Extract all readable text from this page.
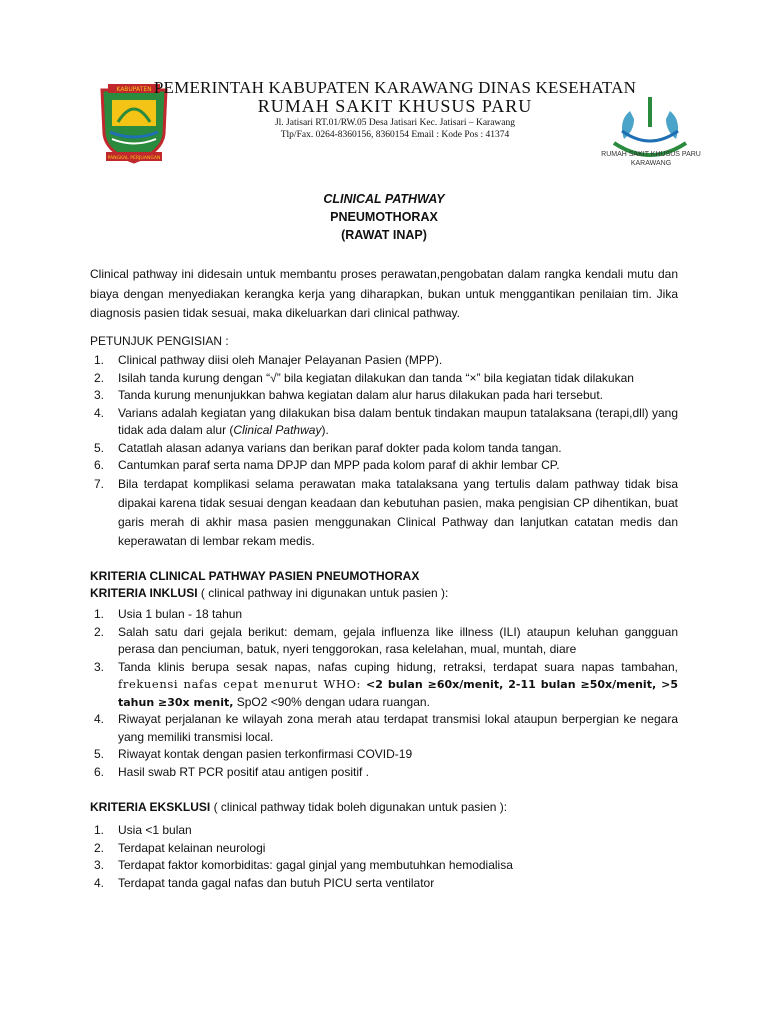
KABUPATEN
PANGKAL PERJUANGAN
RUMAH SAKIT KHUSUS PARU
KARAWANG
PEMERINTAH KABUPATEN KARAWANG DINAS KESEHATAN
RUMAH SAKIT KHUSUS PARU
Jl. Jatisari RT.01/RW.05 Desa Jatisari Kec. Jatisari – Karawang
Tlp/Fax. 0264-8360156, 8360154 Email : Kode Pos : 41374
CLINICAL PATHWAY
PNEUMOTHORAX
(RAWAT INAP)
Clinical pathway ini didesain untuk membantu proses perawatan,pengobatan dalam rangka kendali mutu dan biaya dengan menyediakan kerangka kerja yang diharapkan, bukan untuk menggantikan penilaian tim. Jika diagnosis pasien tidak sesuai, maka dikeluarkan dari clinical pathway.
PETUNJUK PENGISIAN :
1. Clinical pathway diisi oleh Manajer Pelayanan Pasien (MPP).
2. Isilah tanda kurung dengan “√” bila kegiatan dilakukan dan tanda “×” bila kegiatan tidak dilakukan
3. Tanda kurung menunjukkan bahwa kegiatan dalam alur harus dilakukan pada hari tersebut.
4. Varians adalah kegiatan yang dilakukan bisa dalam bentuk tindakan maupun tatalaksana (terapi,dll) yang tidak ada dalam alur (Clinical Pathway).
5. Catatlah alasan adanya varians dan berikan paraf dokter pada kolom tanda tangan.
6. Cantumkan paraf serta nama DPJP dan MPP pada kolom paraf di akhir lembar CP.
7. Bila terdapat komplikasi selama perawatan maka tatalaksana yang tertulis dalam pathway tidak bisa dipakai karena tidak sesuai dengan keadaan dan kebutuhan pasien, maka pengisian CP dihentikan, buat garis merah di akhir masa pasien menggunakan Clinical Pathway dan lanjutkan catatan medis dan keperawatan di lembar rekam medis.
KRITERIA CLINICAL PATHWAY PASIEN PNEUMOTHORAX
KRITERIA INKLUSI ( clinical pathway ini digunakan untuk pasien ):
1. Usia 1 bulan - 18 tahun
2. Salah satu dari gejala berikut: demam, gejala influenza like illness (ILI) ataupun keluhan gangguan perasa dan penciuman, batuk, nyeri tenggorokan, rasa kelelahan, mual, muntah, diare
3. Tanda klinis berupa sesak napas, nafas cuping hidung, retraksi, terdapat suara napas tambahan, frekuensi nafas cepat menurut WHO: <2 bulan ≥60x/menit, 2-11 bulan ≥50x/menit, >5 tahun ≥30x menit, SpO2 <90% dengan udara ruangan.
4. Riwayat perjalanan ke wilayah zona merah atau terdapat transmisi lokal ataupun berpergian ke negara yang memiliki transmisi local.
5. Riwayat kontak dengan pasien terkonfirmasi COVID-19
6. Hasil swab RT PCR positif atau antigen positif .
KRITERIA EKSKLUSI ( clinical pathway tidak boleh digunakan untuk pasien ):
1. Usia <1 bulan
2. Terdapat kelainan neurologi
3. Terdapat faktor komorbiditas: gagal ginjal yang membutuhkan hemodialisa
4. Terdapat tanda gagal nafas dan butuh PICU serta ventilator
